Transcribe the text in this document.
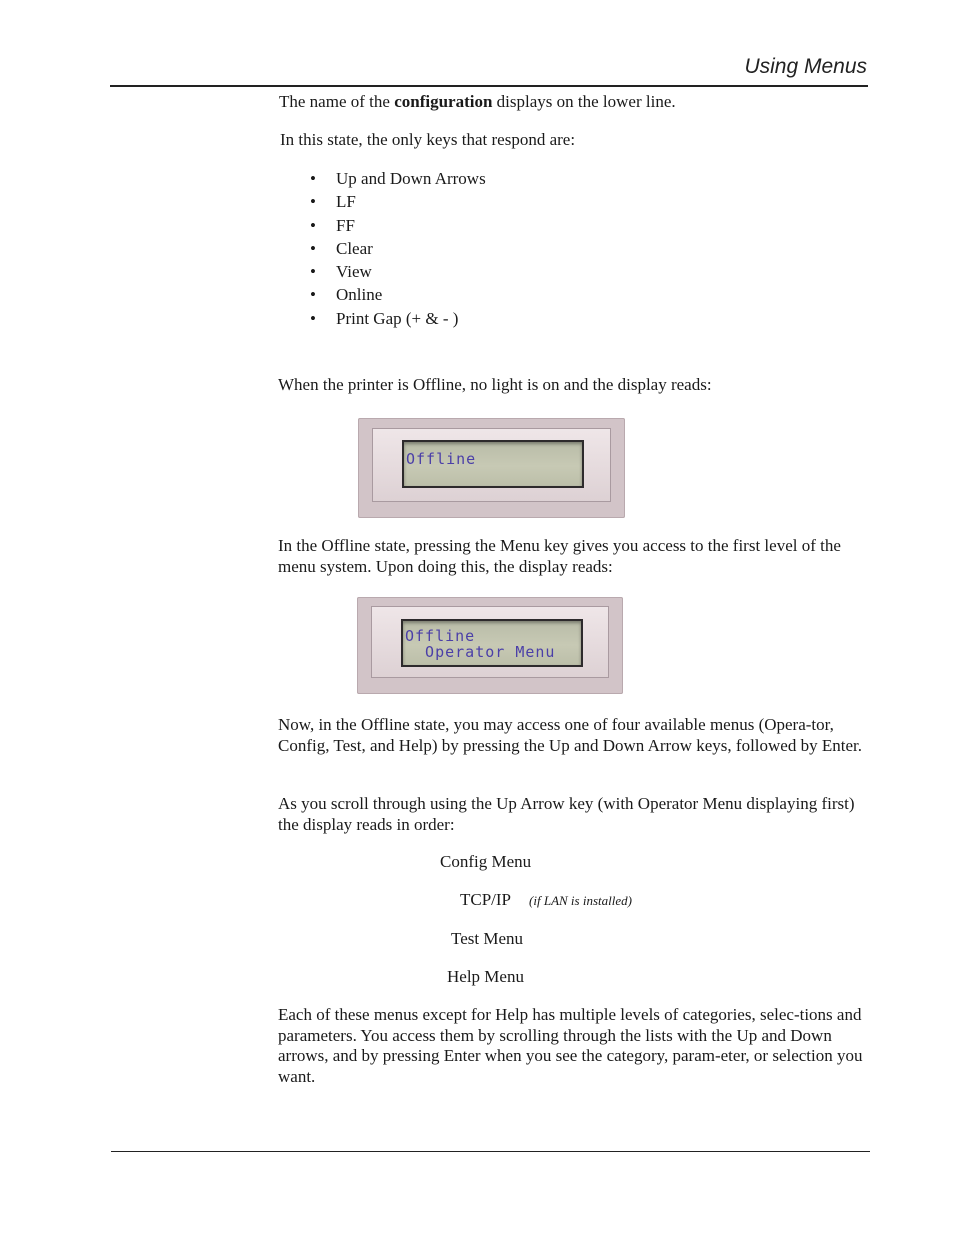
Using Menus

The name of the configuration displays on the lower line.

In this state, the only keys that respond are:

• Up and Down Arrows
• LF
• FF
• Clear
• View
• Online
• Print Gap (+ & - )

When the printer is Offline, no light is on and the display reads:

Offline

In the Offline state, pressing the Menu key gives you access to the first level of the menu system. Upon doing this, the display reads:

Offline
Operator Menu

Now, in the Offline state, you may access one of four available menus (Opera-tor, Config, Test, and Help) by pressing the Up and Down Arrow keys, followed by Enter.

As you scroll through using the Up Arrow key (with Operator Menu displaying first) the display reads in order:

Config Menu
TCP/IP (if LAN is installed)
Test Menu
Help Menu

Each of these menus except for Help has multiple levels of categories, selec-tions and parameters. You access them by scrolling through the lists with the Up and Down arrows, and by pressing Enter when you see the category, param-eter, or selection you want.
